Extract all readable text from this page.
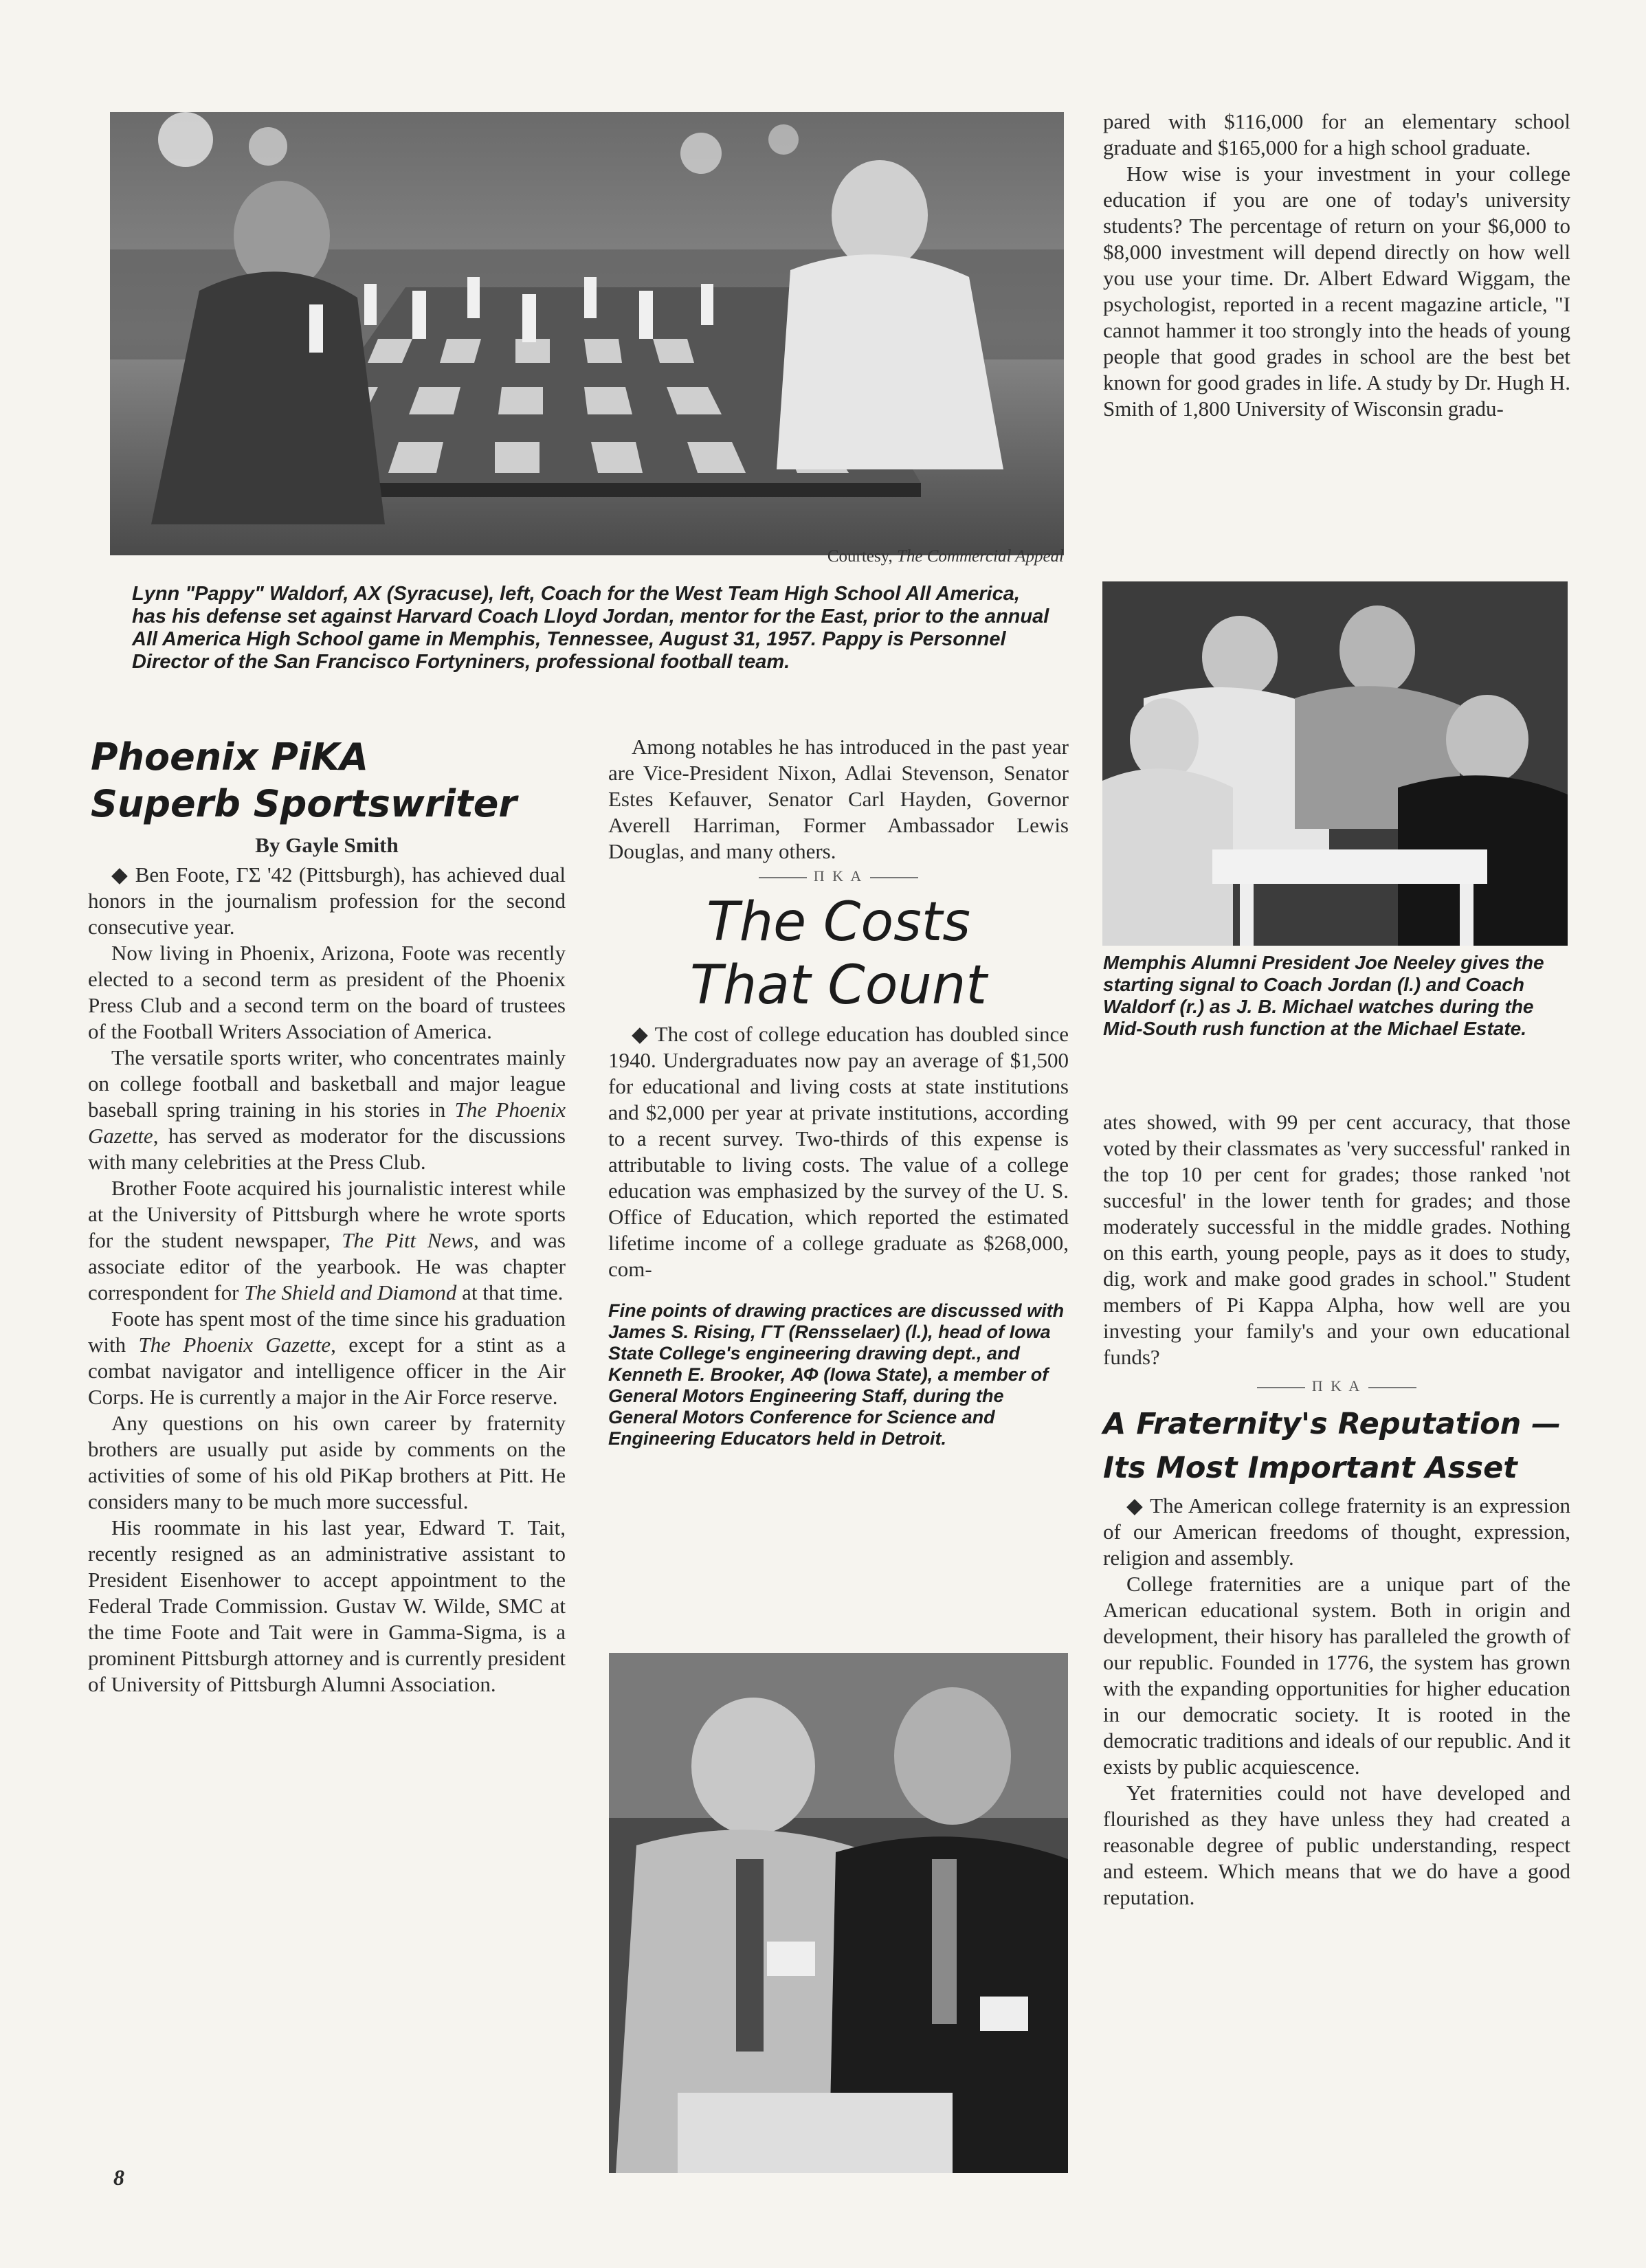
Courtesy, The Commercial Appeal
Lynn "Pappy" Waldorf, AX (Syracuse), left, Coach for the West Team High School All America, has his defense set against Harvard Coach Lloyd Jordan, mentor for the East, prior to the annual All America High School game in Memphis, Tennessee, August 31, 1957. Pappy is Personnel Director of the San Francisco Fortyniners, professional football team.
Phoenix PiKA
Superb Sportswriter
By Gayle Smith

◆ Ben Foote, ΓΣ '42 (Pittsburgh), has achieved dual honors in the journalism profession for the second consecutive year.

Now living in Phoenix, Arizona, Foote was recently elected to a second term as president of the Phoenix Press Club and a second term on the board of trustees of the Football Writers Association of America.

The versatile sports writer, who concentrates mainly on college football and basketball and major league baseball spring training in his stories in The Phoenix Gazette, has served as moderator for the discussions with many celebrities at the Press Club.

Brother Foote acquired his journalistic interest while at the University of Pittsburgh where he wrote sports for the student newspaper, The Pitt News, and was associate editor of the yearbook. He was chapter correspondent for The Shield and Diamond at that time.

Foote has spent most of the time since his graduation with The Phoenix Gazette, except for a stint as a combat navigator and intelligence officer in the Air Corps. He is currently a major in the Air Force reserve.

Any questions on his own career by fraternity brothers are usually put aside by comments on the activities of some of his old PiKap brothers at Pitt. He considers many to be much more successful.

His roommate in his last year, Edward T. Tait, recently resigned as an administrative assistant to President Eisenhower to accept appointment to the Federal Trade Commission. Gustav W. Wilde, SMC at the time Foote and Tait were in Gamma-Sigma, is a prominent Pittsburgh attorney and is currently president of University of Pittsburgh Alumni Association.

Among notables he has introduced in the past year are Vice-President Nixon, Adlai Stevenson, Senator Estes Kefauver, Senator Carl Hayden, Governor Averell Harriman, Former Ambassador Lewis Douglas, and many others.

Π Κ Α
The Costs
That Count

◆ The cost of college education has doubled since 1940. Undergraduates now pay an average of $1,500 for educational and living costs at state institutions and $2,000 per year at private institutions, according to a recent survey. Two-thirds of this expense is attributable to living costs. The value of a college education was emphasized by the survey of the U. S. Office of Education, which reported the estimated lifetime income of a college graduate as $268,000, com-

Fine points of drawing practices are discussed with James S. Rising, ΓΤ (Rensselaer) (l.), head of Iowa State College's engineering drawing dept., and Kenneth E. Brooker, ΑΦ (Iowa State), a member of General Motors Engineering Staff, during the General Motors Conference for Science and Engineering Educators held in Detroit.

pared with $116,000 for an elementary school graduate and $165,000 for a high school graduate.

How wise is your investment in your college education if you are one of today's university students? The percentage of return on your $6,000 to $8,000 investment will depend directly on how well you use your time. Dr. Albert Edward Wiggam, the psychologist, reported in a recent magazine article, "I cannot hammer it too strongly into the heads of young people that good grades in school are the best bet known for good grades in life. A study by Dr. Hugh H. Smith of 1,800 University of Wisconsin gradu-

Memphis Alumni President Joe Neeley gives the starting signal to Coach Jordan (l.) and Coach Waldorf (r.) as J. B. Michael watches during the Mid-South rush function at the Michael Estate.

ates showed, with 99 per cent accuracy, that those voted by their classmates as 'very successful' ranked in the top 10 per cent for grades; those ranked 'not succesful' in the lower tenth for grades; and those moderately successful in the middle grades. Nothing on this earth, young people, pays as it does to study, dig, work and make good grades in school." Student members of Pi Kappa Alpha, how well are you investing your family's and your own educational funds?

Π Κ Α
A Fraternity's Reputation —
Its Most Important Asset

◆ The American college fraternity is an expression of our American freedoms of thought, expression, religion and assembly.

College fraternities are a unique part of the American educational system. Both in origin and development, their hisory has paralleled the growth of our republic. Founded in 1776, the system has grown with the expanding opportunities for higher education in our democratic society. It is rooted in the democratic traditions and ideals of our republic. And it exists by public acquiescence.

Yet fraternities could not have developed and flourished as they have unless they had created a reasonable degree of public understanding, respect and esteem. Which means that we do have a good reputation.

8
